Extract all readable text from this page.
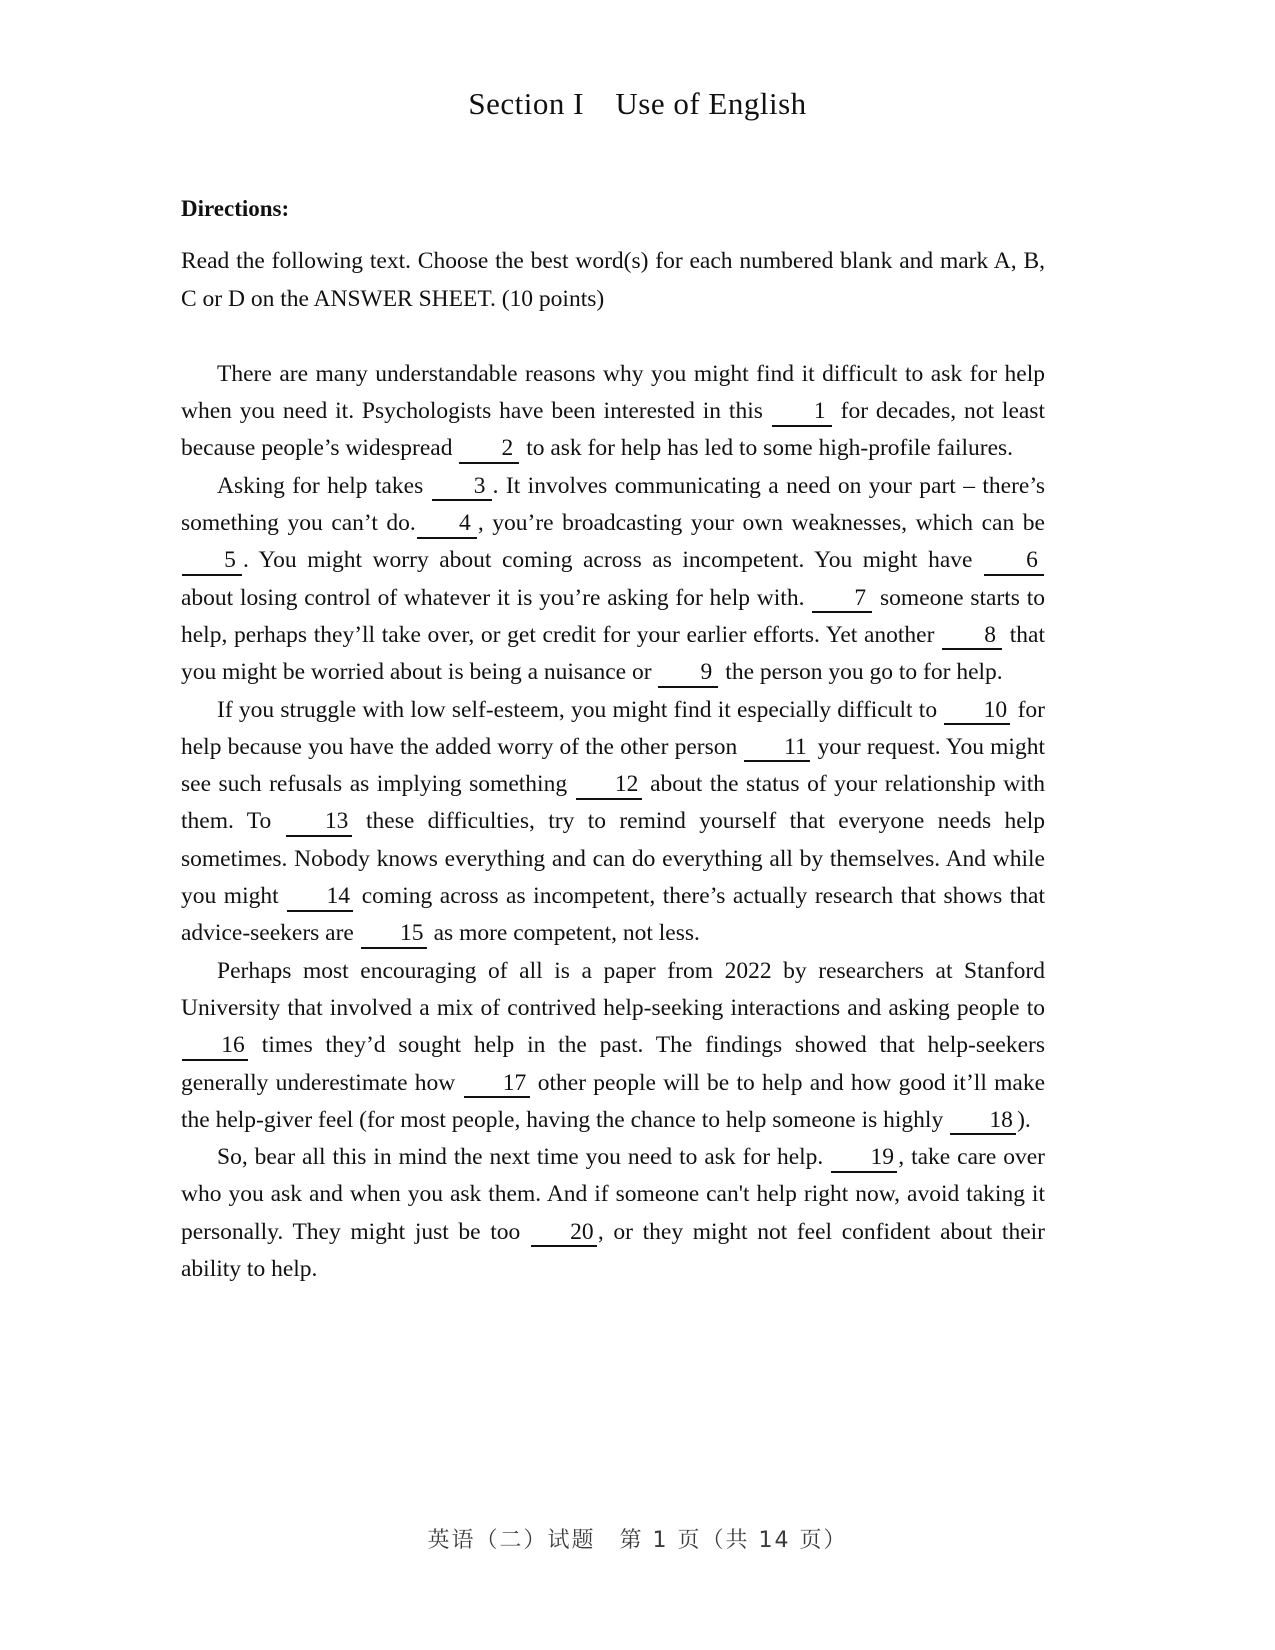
Section I Use of English
Directions:

Read the following text. Choose the best word(s) for each numbered blank and mark A, B, C or D on the ANSWER SHEET. (10 points)

There are many understandable reasons why you might find it difficult to ask for help when you need it. Psychologists have been interested in this 1 for decades, not least because people’s widespread 2 to ask for help has led to some high-profile failures.

Asking for help takes 3 . It involves communicating a need on your part – there’s something you can’t do. 4 , you’re broadcasting your own weaknesses, which can be 5 . You might worry about coming across as incompetent. You might have 6 about losing control of whatever it is you’re asking for help with. 7 someone starts to help, perhaps they’ll take over, or get credit for your earlier efforts. Yet another 8 that you might be worried about is being a nuisance or 9 the person you go to for help.

If you struggle with low self-esteem, you might find it especially difficult to 10 for help because you have the added worry of the other person 11 your request. You might see such refusals as implying something 12 about the status of your relationship with them. To 13 these difficulties, try to remind yourself that everyone needs help sometimes. Nobody knows everything and can do everything all by themselves. And while you might 14 coming across as incompetent, there’s actually research that shows that advice-seekers are 15 as more competent, not less.

Perhaps most encouraging of all is a paper from 2022 by researchers at Stanford University that involved a mix of contrived help-seeking interactions and asking people to 16 times they’d sought help in the past. The findings showed that help-seekers generally underestimate how 17 other people will be to help and how good it’ll make the help-giver feel (for most people, having the chance to help someone is highly 18 ).

So, bear all this in mind the next time you need to ask for help. 19 , take care over who you ask and when you ask them. And if someone can't help right now, avoid taking it personally. They might just be too 20 , or they might not feel confident about their ability to help.

英语（二）试题　第 1 页（共 14 页）
